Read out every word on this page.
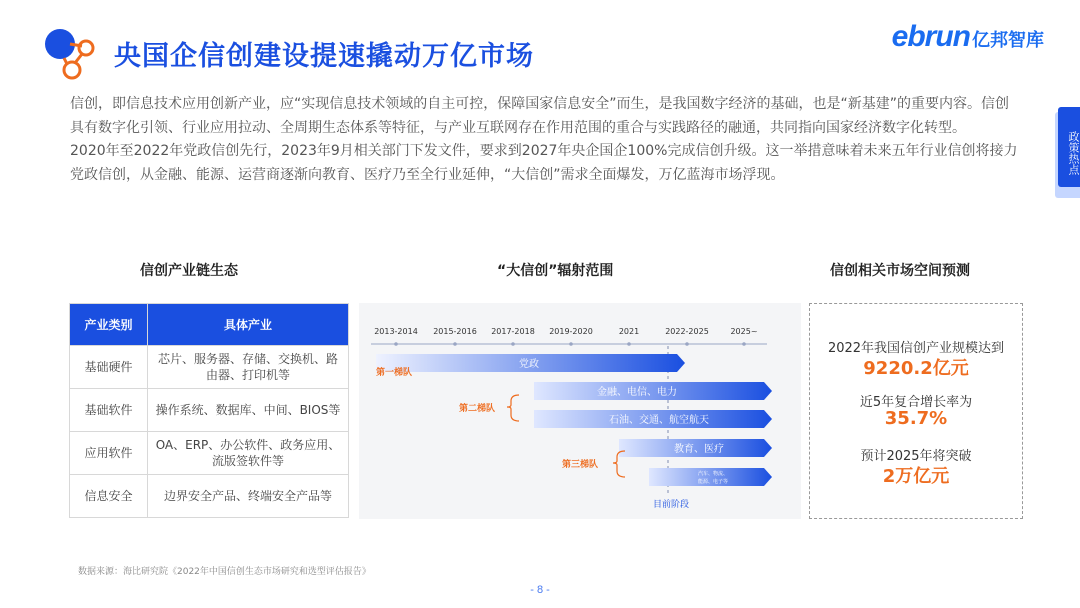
央国企信创建设提速撬动万亿市场
ebrun 亿邦智库
政策热点

信创，即信息技术应用创新产业，应“实现信息技术领域的自主可控，保障国家信息安全”而生，是我国数字经济的基础，也是“新基建”的重要内容。信创具有数字化引领、行业应用拉动、全周期生态体系等特征，与产业互联网存在作用范围的重合与实践路径的融通，共同指向国家经济数字化转型。

2020年至2022年党政信创先行，2023年9月相关部门下发文件，要求到2027年央企国企100%完成信创升级。这一举措意味着未来五年行业信创将接力党政信创，从金融、能源、运营商逐渐向教育、医疗乃至全行业延伸，“大信创”需求全面爆发，万亿蓝海市场浮现。

信创产业链生态	“大信创”辐射范围	信创相关市场空间预测
产业类别	具体产业
基础硬件	芯片、服务器、存储、交换机、路由器、打印机等
基础软件	操作系统、数据库、中间、BIOS等
应用软件	OA、ERP、办公软件、政务应用、流版签软件等
信息安全	边界安全产品、终端安全产品等
2013-2014 2015-2016 2017-2018 2019-2020	2021	2022-2025	2025~
目前阶段
党政
金融、电信、电力
石油、交通、航空航天
教育、医疗
汽车、物流、
能源、电子等
第一梯队
第二梯队
第三梯队
2022年我国信创产业规模达到
9220.2亿元
近5年复合增长率为
35.7%
预计2025年将突破
2万亿元
数据来源：海比研究院《2022年中国信创生态市场研究和选型评估报告》
- 8 -
